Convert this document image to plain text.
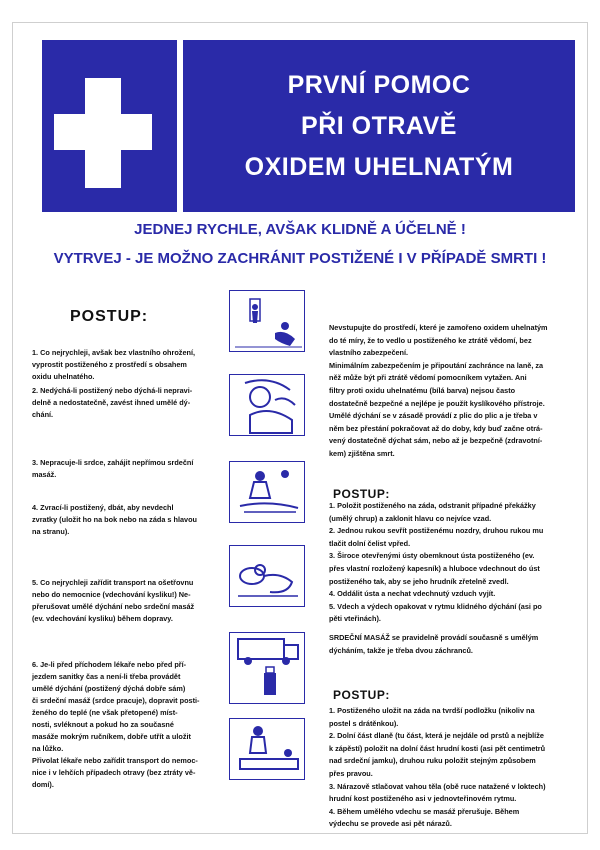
PRVNÍ POMOC
PŘI OTRAVĚ
OXIDEM UHELNATÝM
JEDNEJ RYCHLE, AVŠAK KLIDNĚ A ÚČELNĚ !
VYTRVEJ - JE MOŽNO ZACHRÁNIT POSTIŽENÉ I V PŘÍPADĚ SMRTI !
POSTUP:
1. Co nejrychleji, avšak bez vlastního ohrožení,
vyprostit postiženého z prostředí s obsahem
oxidu uhelnatého.
2. Nedýchá-li postižený nebo dýchá-li nepravi-
delně a nedostatečně, zavést ihned umělé dý-
chání.
3. Nepracuje-li srdce, zahájit nepřímou srdeční
masáž.
4. Zvrací-li postižený, dbát, aby nevdechl
zvratky (uložit ho na bok nebo na záda s hlavou
na stranu).
5. Co nejrychleji zařídit transport na ošetřovnu
nebo do nemocnice (vdechování kysliku!) Ne-
přerušovat umělé dýchání nebo srdeční masáž
(ev. vdechování kysliku) během dopravy.
6. Je-li před příchodem lékaře nebo před pří-
jezdem sanitky čas a není-li třeba provádět
umělé dýchání (postižený dýchá dobře sám)
či srdeční masáž (srdce pracuje), dopravit posti-
ženého do teplé (ne však přetopené) míst-
nosti, svléknout a pokud ho za současné
masáže mokrým ručníkem, dobře utřít a uložit
na lůžko.
Přivolat lékaře nebo zařídit transport do nemoc-
nice i v lehčích případech otravy (bez ztráty vě-
domí).
Nevstupujte do prostředí, které je zamořeno oxidem uhelnatým
do té míry, že to vedlo u postiženého ke ztrátě vědomí, bez
vlastního zabezpečení.
Minimálním zabezpečením je připoutání zachránce na laně, za
něž může být při ztrátě vědomí pomocníkem vytažen. Ani
filtry proti oxidu uhelnatému (bílá barva) nejsou často
dostatečně bezpečné a nejlépe je použít kyslíkového přístroje.
Umělé dýchání se v zásadě provádí z plic do plic a je třeba v
něm bez přestání pokračovat až do doby, kdy buď začne otrá-
vený dostatečně dýchat sám, nebo až je bezpečně (zdravotní-
kem) zjištěna smrt.
POSTUP:
1. Položit postiženého na záda, odstranit případné překážky
(umělý chrup) a zaklonit hlavu co nejvíce vzad.
2. Jednou rukou sevřít postiženému nozdry, druhou rukou mu
tlačit dolní čelist vpřed.
3. Široce otevřenými ústy obemknout ústa postiženého (ev.
přes vlastní rozložený kapesník) a hluboce vdechnout do úst
postiženého tak, aby se jeho hrudník zřetelně zvedl.
4. Oddálit ústa a nechat vdechnutý vzduch vyjít.
5. Vdech a výdech opakovat v rytmu klidného dýchání (asi po
pěti vteřinách).
SRDEČNÍ MASÁŽ se pravidelně provádí současně s umělým
dýcháním, takže je třeba dvou záchranců.
POSTUP:
1. Postiženého uložit na záda na tvrdší podložku (nikoliv na
postel s drátěnkou).
2. Dolní část dlaně (tu část, která je nejdále od prstů a nejblíže
k zápěstí) položit na dolní část hrudní kosti (asi pět centimetrů
nad srdeční jamku), druhou ruku položit stejným způsobem
přes pravou.
3. Nárazově stlačovat vahou těla (obě ruce natažené v loktech)
hrudní kost postiženého asi v jednovteřinovém rytmu.
4. Během umělého vdechu se masáž přerušuje. Během
výdechu se provede asi pět nárazů.
